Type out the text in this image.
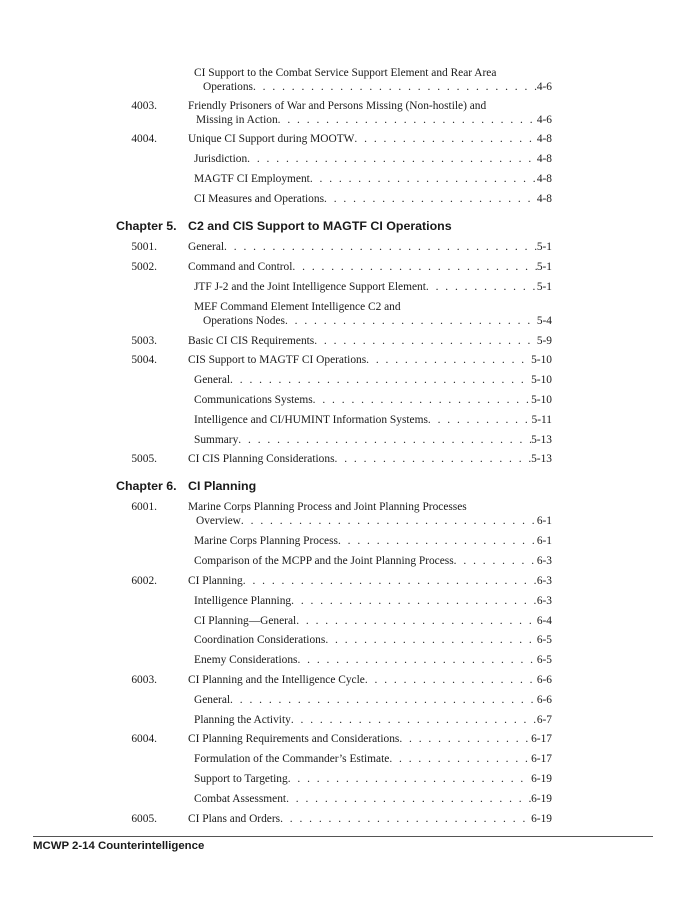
CI Support to the Combat Service Support Element and Rear Area
Operations . . .	4-6
4003.	Friendly Prisoners of War and Persons Missing (Non-hostile) and
Missing in Action . . .	4-6
4004.	Unique CI Support during MOOTW . . .	4-8
Jurisdiction . . .	4-8
MAGTF CI Employment . . .	4-8
CI Measures and Operations . . .	4-8
Chapter 5. C2 and CIS Support to MAGTF CI Operations
5001.	General . . .	5-1
5002.	Command and Control . . .	5-1
JTF J-2 and the Joint Intelligence Support Element . . .	5-1
MEF Command Element Intelligence C2 and
Operations Nodes . . .	5-4
5003.	Basic CI CIS Requirements . . .	5-9
5004.	CIS Support to MAGTF CI Operations . . .	5-10
General . . .	5-10
Communications Systems . . .	5-10
Intelligence and CI/HUMINT Information Systems . . .	5-11
Summary . . .	5-13
5005.	CI CIS Planning Considerations . . .	5-13
Chapter 6. CI Planning
6001.	Marine Corps Planning Process and Joint Planning Processes
Overview . . .	6-1
Marine Corps Planning Process . . .	6-1
Comparison of the MCPP and the Joint Planning Process . . .	6-3
6002.	CI Planning . . .	6-3
Intelligence Planning . . .	6-3
CI Planning—General . . .	6-4
Coordination Considerations . . .	6-5
Enemy Considerations . . .	6-5
6003.	CI Planning and the Intelligence Cycle . . .	6-6
General . . .	6-6
Planning the Activity . . .	6-7
6004.	CI Planning Requirements and Considerations . . .	6-17
Formulation of the Commander’s Estimate . . .	6-17
Support to Targeting . . .	6-19
Combat Assessment . . .	6-19
6005.	CI Plans and Orders . . .	6-19
MCWP 2-14 Counterintelligence
